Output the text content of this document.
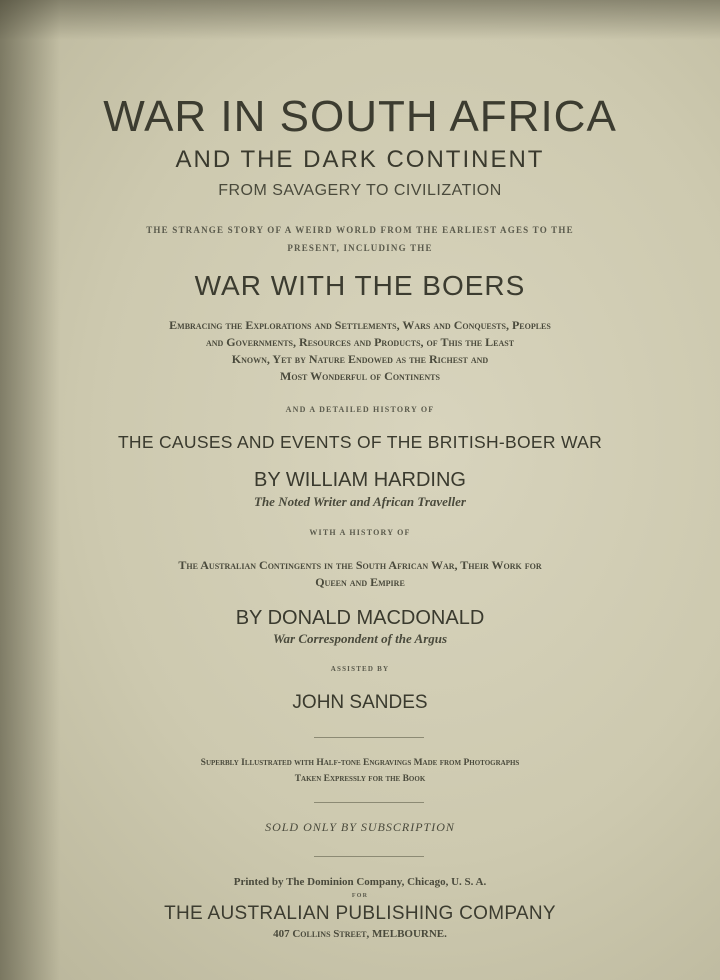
WAR IN SOUTH AFRICA
AND THE DARK CONTINENT
FROM SAVAGERY TO CIVILIZATION
THE STRANGE STORY OF A WEIRD WORLD FROM THE EARLIEST AGES TO THE
PRESENT, INCLUDING THE
WAR WITH THE BOERS
Embracing the Explorations and Settlements, Wars and Conquests, Peoples
and Governments, Resources and Products, of This the Least
Known, Yet by Nature Endowed as the Richest and
Most Wonderful of Continents
AND A DETAILED HISTORY OF
THE CAUSES AND EVENTS OF THE BRITISH-BOER WAR
BY WILLIAM HARDING
The Noted Writer and African Traveller
WITH A HISTORY OF
The Australian Contingents in the South African War, Their Work for
Queen and Empire
BY DONALD MACDONALD
War Correspondent of the Argus
ASSISTED BY
JOHN SANDES
Superbly Illustrated with Half-tone Engravings Made from Photographs
Taken Expressly for the Book
SOLD ONLY BY SUBSCRIPTION
Printed by The Dominion Company, Chicago, U. S. A.
FOR
THE AUSTRALIAN PUBLISHING COMPANY
407 Collins Street, MELBOURNE.
